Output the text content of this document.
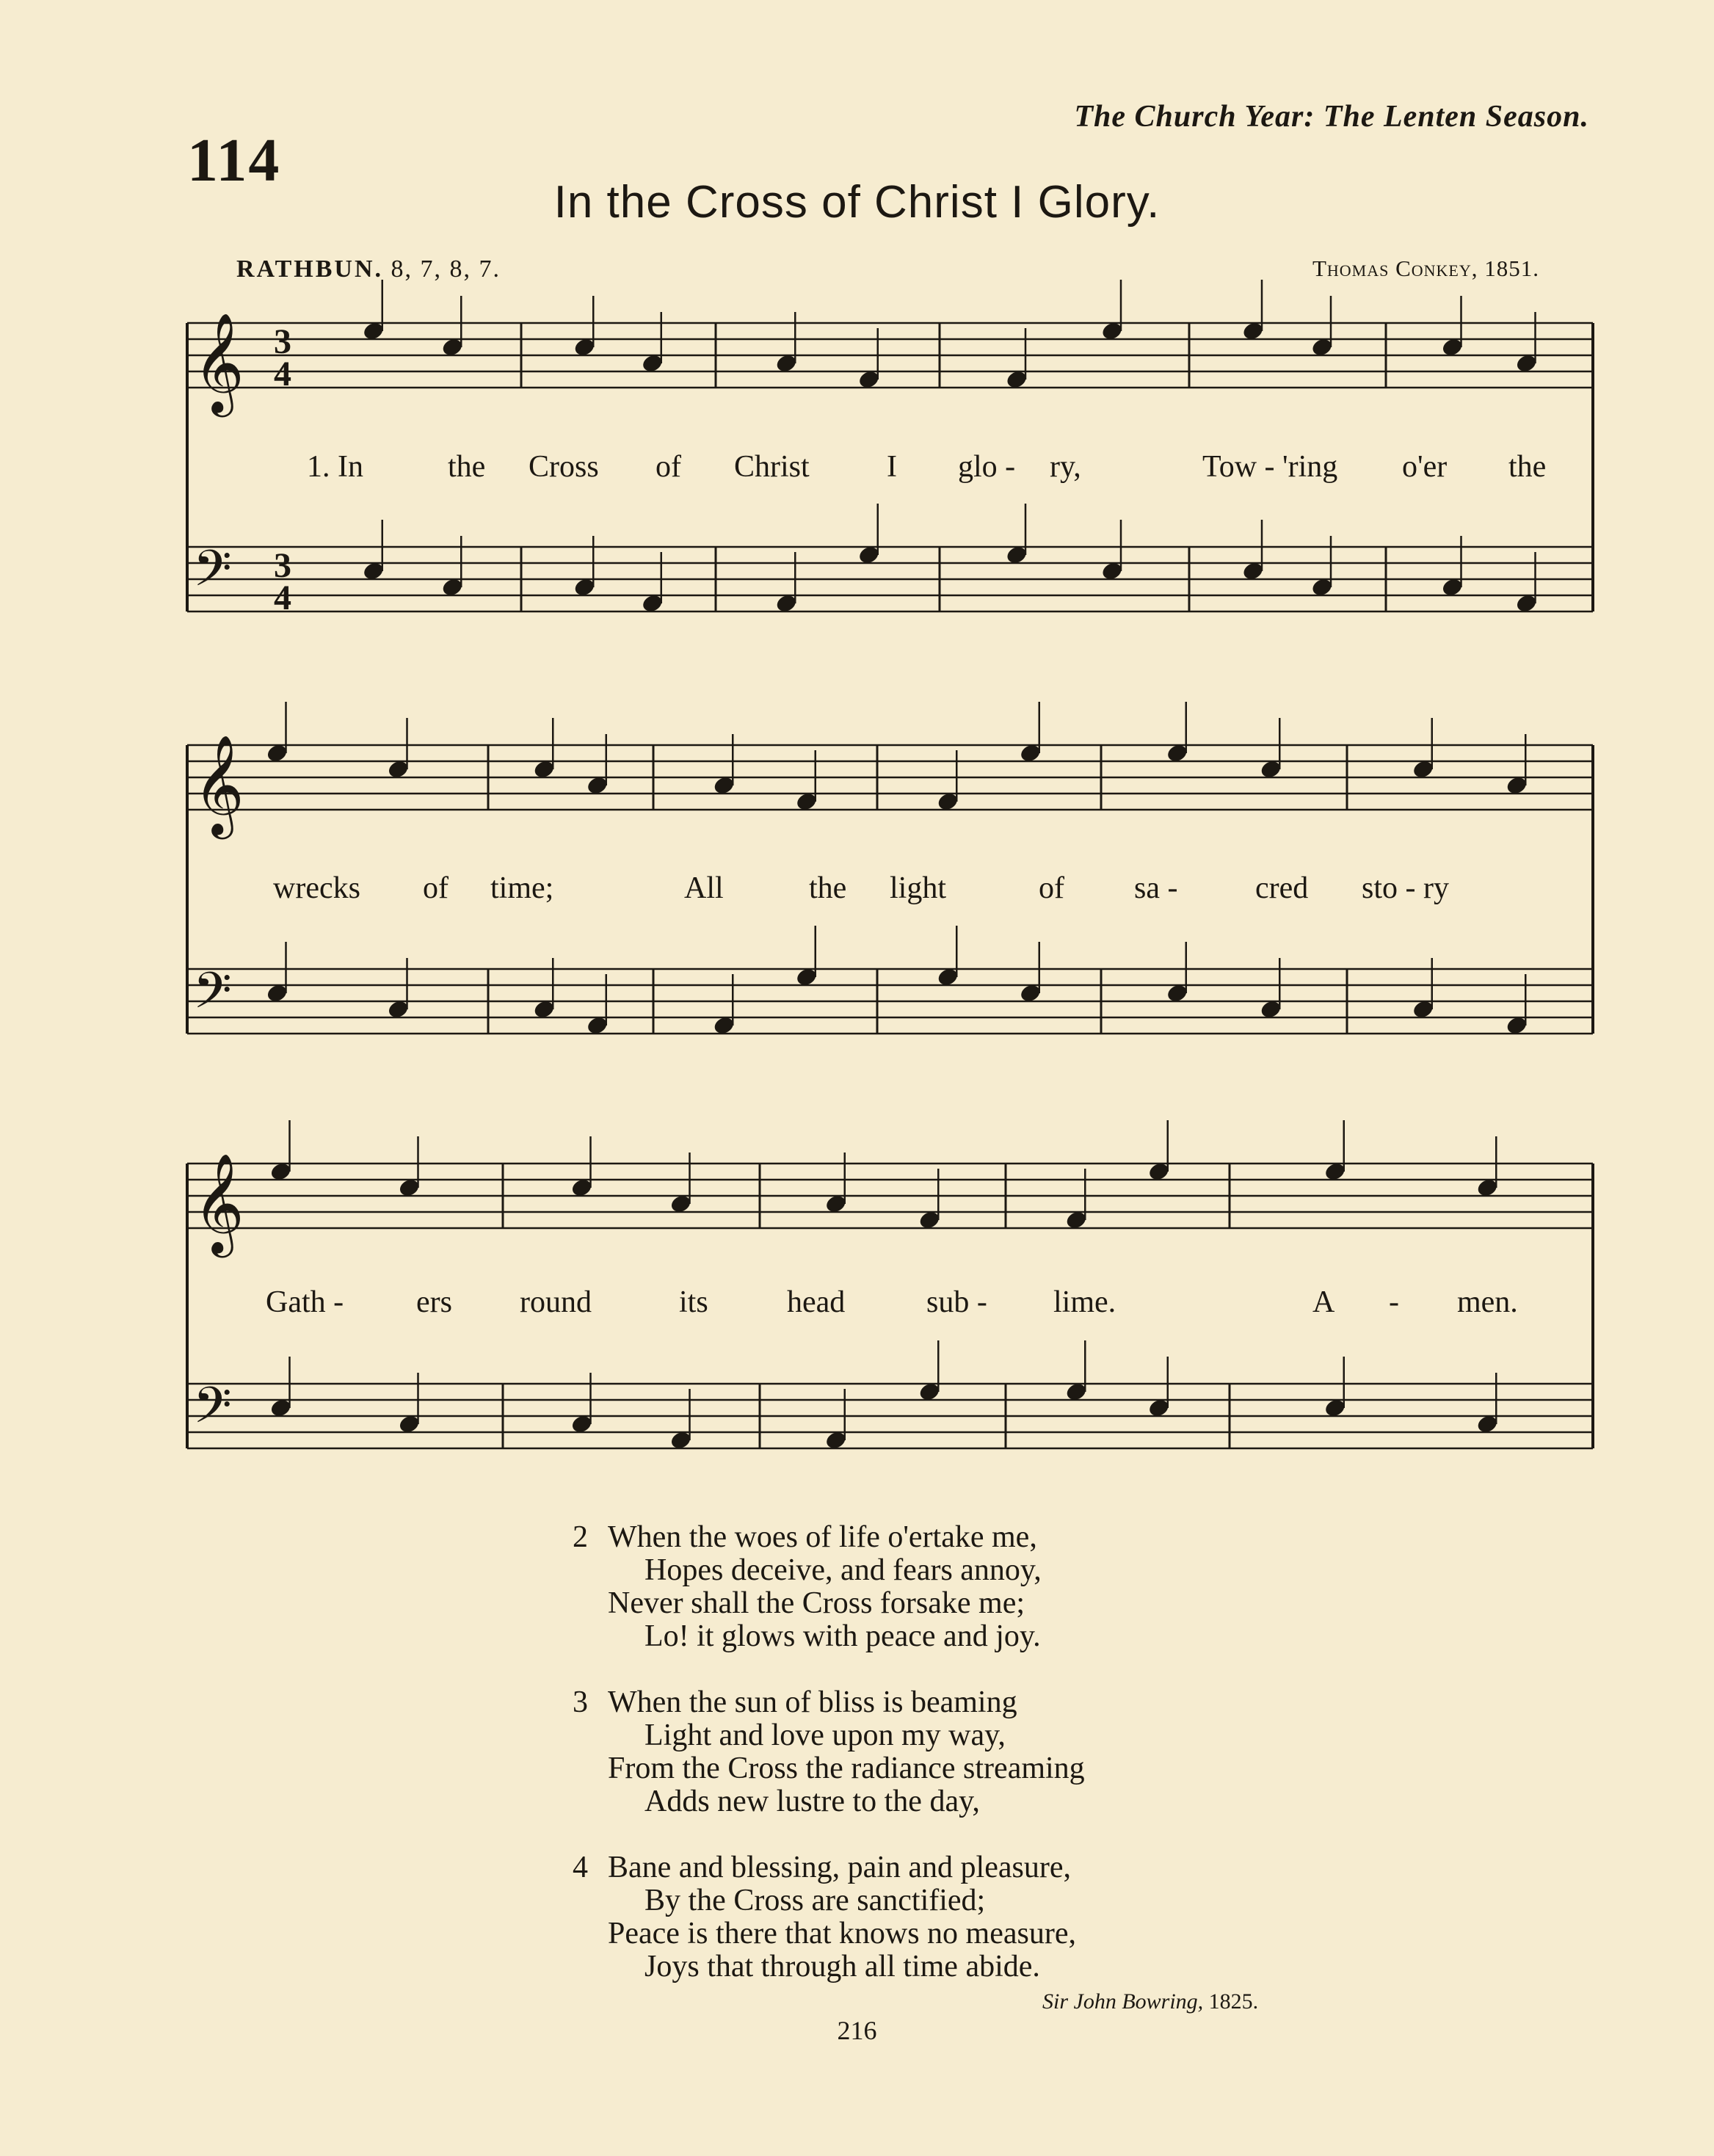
114
The Church Year: The Lenten Season.
In the Cross of Christ I Glory.
RATHBUN. 8, 7, 8, 7.	Thomas Conkey, 1851.
𝄞 3
4
𝄢 3
4
𝄞
𝄢
𝄞
𝄢
1. In	the Cross of Christ	I glo - ry,	Tow - 'ring o'er the
wrecks of time;	All	the light	of sa -	cred sto - ry
Gath - ers round	its	head	sub - lime.	A - men.
2 When the woes of life o'ertake me,
Hopes deceive, and fears annoy,
Never shall the Cross forsake me;
Lo! it glows with peace and joy.
3 When the sun of bliss is beaming
Light and love upon my way,
From the Cross the radiance streaming
Adds new lustre to the day,
4 Bane and blessing, pain and pleasure,
By the Cross are sanctified;
Peace is there that knows no measure,
Joys that through all time abide.
Sir John Bowring, 1825.
216
